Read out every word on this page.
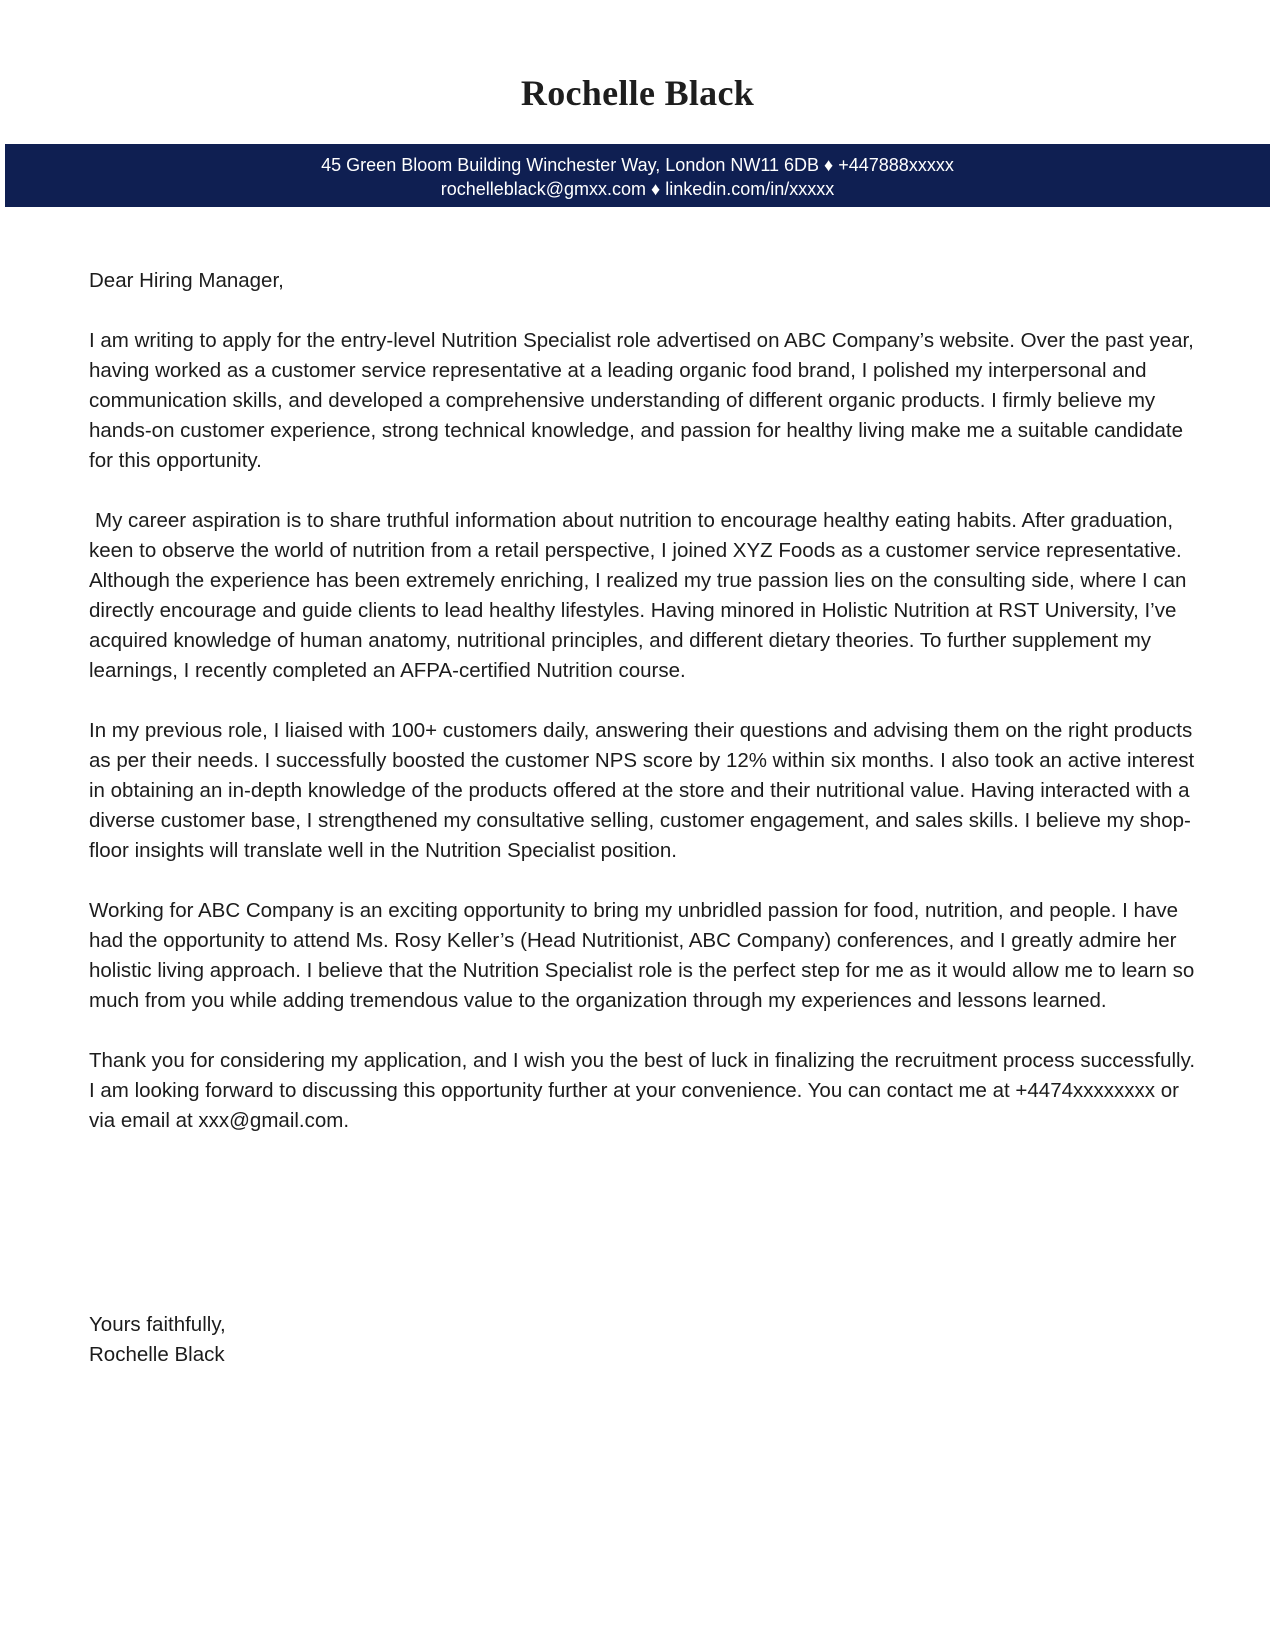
Rochelle Black
45 Green Bloom Building Winchester Way, London NW11 6DB ♦ +447888xxxxx
rochelleblack@gmxx.com ♦ linkedin.com/in/xxxxx

Dear Hiring Manager,

I am writing to apply for the entry-level Nutrition Specialist role advertised on ABC Company’s website. Over the past year, having worked as a customer service representative at a leading organic food brand, I polished my interpersonal and communication skills, and developed a comprehensive understanding of different organic products. I firmly believe my hands-on customer experience, strong technical knowledge, and passion for healthy living make me a suitable candidate for this opportunity.

My career aspiration is to share truthful information about nutrition to encourage healthy eating habits. After graduation, keen to observe the world of nutrition from a retail perspective, I joined XYZ Foods as a customer service representative. Although the experience has been extremely enriching, I realized my true passion lies on the consulting side, where I can directly encourage and guide clients to lead healthy lifestyles. Having minored in Holistic Nutrition at RST University, I’ve acquired knowledge of human anatomy, nutritional principles, and different dietary theories. To further supplement my learnings, I recently completed an AFPA-certified Nutrition course.

In my previous role, I liaised with 100+ customers daily, answering their questions and advising them on the right products as per their needs. I successfully boosted the customer NPS score by 12% within six months. I also took an active interest in obtaining an in-depth knowledge of the products offered at the store and their nutritional value. Having interacted with a diverse customer base, I strengthened my consultative selling, customer engagement, and sales skills. I believe my shop-floor insights will translate well in the Nutrition Specialist position.

Working for ABC Company is an exciting opportunity to bring my unbridled passion for food, nutrition, and people. I have had the opportunity to attend Ms. Rosy Keller’s (Head Nutritionist, ABC Company) conferences, and I greatly admire her holistic living approach. I believe that the Nutrition Specialist role is the perfect step for me as it would allow me to learn so much from you while adding tremendous value to the organization through my experiences and lessons learned.

Thank you for considering my application, and I wish you the best of luck in finalizing the recruitment process successfully. I am looking forward to discussing this opportunity further at your convenience. You can contact me at +4474xxxxxxxx or via email at xxx@gmail.com.

Yours faithfully,
Rochelle Black
